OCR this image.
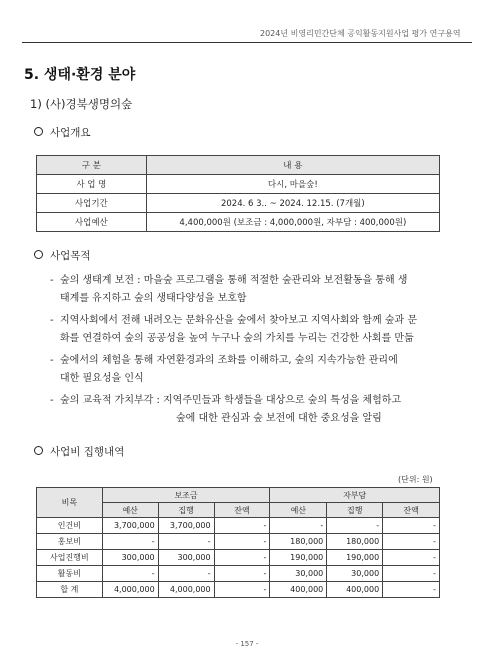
2024년 비영리민간단체 공익활동지원사업 평가 연구용역
5. 생태·환경 분야
1) (사)경북생명의숲
사업개요
구 분	내 용
사 업 명	다시, 마을숲!
사업기간	2024. 6 3.. ~ 2024. 12.15. (7개월)
사업예산	4,400,000원 (보조금 : 4,000,000원, 자부담 : 400,000원)
사업목적
- 숲의 생태계 보전 : 마을숲 프로그램을 통해 적절한 숲관리와 보전활동을 통해 생
태계를 유지하고 숲의 생태다양성을 보호함
- 지역사회에서 전해 내려오는 문화유산을 숲에서 찾아보고 지역사회와 함께 숲과 문
화를 연결하여 숲의 공공성을 높여 누구나 숲의 가치를 누리는 건강한 사회를 만듦
- 숲에서의 체험을 통해 자연환경과의 조화를 이해하고, 숲의 지속가능한 관리에
대한 필요성을 인식
- 숲의 교육적 가치부각 : 지역주민들과 학생들을 대상으로 숲의 특성을 체험하고
숲에 대한 관심과 숲 보전에 대한 중요성을 알림
사업비 집행내역
(단위: 원)
비목	보조금			자부담		
	예산	집행	잔액	예산	집행	잔액
인건비	3,700,000	3,700,000	-	-	-	-
홍보비	-	-	-	180,000	180,000	-
사업진행비	300,000	300,000	-	190,000	190,000	-
활동비	-	-	-	30,000	30,000	-
합 계	4,000,000	4,000,000	-	400,000	400,000	-
- 157 -
